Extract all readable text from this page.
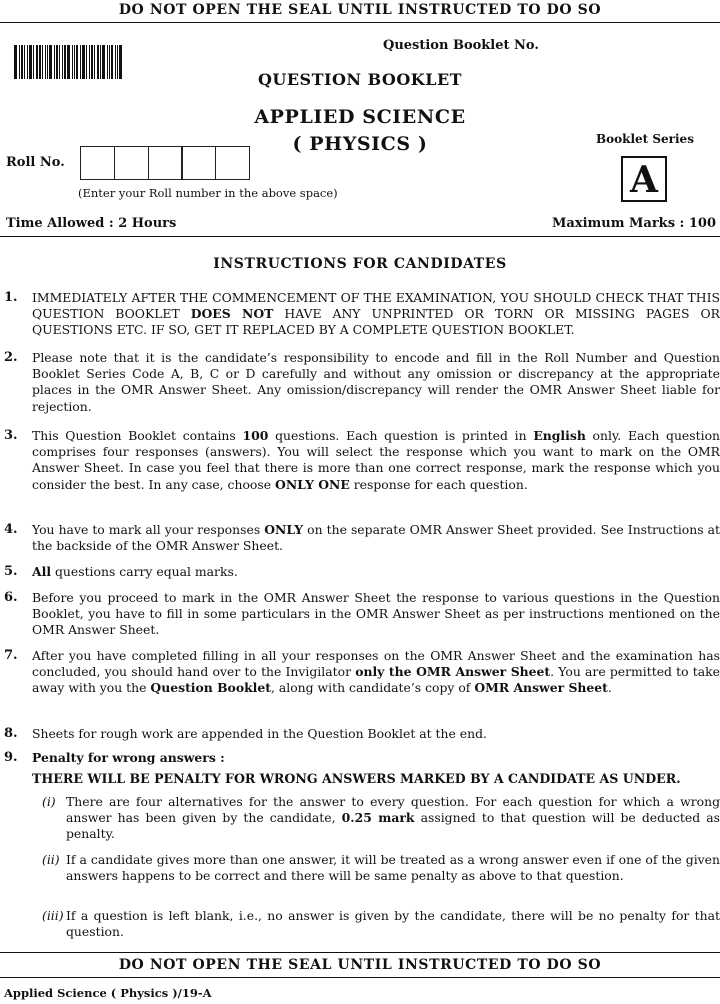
DO NOT OPEN THE SEAL UNTIL INSTRUCTED TO DO SO
Question Booklet No.
QUESTION BOOKLET
APPLIED SCIENCE
( PHYSICS )	Booklet Series
A
Roll No.
(Enter your Roll number in the above space)
Time Allowed : 2 Hours	Maximum Marks : 100
INSTRUCTIONS FOR CANDIDATES
1. IMMEDIATELY AFTER THE COMMENCEMENT OF THE EXAMINATION, YOU SHOULD CHECK THAT THIS QUESTION BOOKLET DOES NOT HAVE ANY UNPRINTED OR TORN OR MISSING PAGES OR QUESTIONS ETC. IF SO, GET IT REPLACED BY A COMPLETE QUESTION BOOKLET.
2. Please note that it is the candidate’s responsibility to encode and fill in the Roll Number and Question Booklet Series Code A, B, C or D carefully and without any omission or discrepancy at the appropriate places in the OMR Answer Sheet. Any omission/discrepancy will render the OMR Answer Sheet liable for rejection.
3. This Question Booklet contains 100 questions. Each question is printed in English only. Each question comprises four responses (answers). You will select the response which you want to mark on the OMR Answer Sheet. In case you feel that there is more than one correct response, mark the response which you consider the best. In any case, choose ONLY ONE response for each question.
4. You have to mark all your responses ONLY on the separate OMR Answer Sheet provided. See Instructions at the backside of the OMR Answer Sheet.
5. All questions carry equal marks.
6. Before you proceed to mark in the OMR Answer Sheet the response to various questions in the Question Booklet, you have to fill in some particulars in the OMR Answer Sheet as per instructions mentioned on the OMR Answer Sheet.
7. After you have completed filling in all your responses on the OMR Answer Sheet and the examination has concluded, you should hand over to the Invigilator only the OMR Answer Sheet. You are permitted to take away with you the Question Booklet, along with candidate’s copy of OMR Answer Sheet.
8. Sheets for rough work are appended in the Question Booklet at the end.
9. Penalty for wrong answers :
THERE WILL BE PENALTY FOR WRONG ANSWERS MARKED BY A CANDIDATE AS UNDER.
(i) There are four alternatives for the answer to every question. For each question for which a wrong answer has been given by the candidate, 0.25 mark assigned to that question will be deducted as penalty.
(ii) If a candidate gives more than one answer, it will be treated as a wrong answer even if one of the given answers happens to be correct and there will be same penalty as above to that question.
(iii) If a question is left blank, i.e., no answer is given by the candidate, there will be no penalty for that question.
DO NOT OPEN THE SEAL UNTIL INSTRUCTED TO DO SO
Applied Science ( Physics )/19-A
